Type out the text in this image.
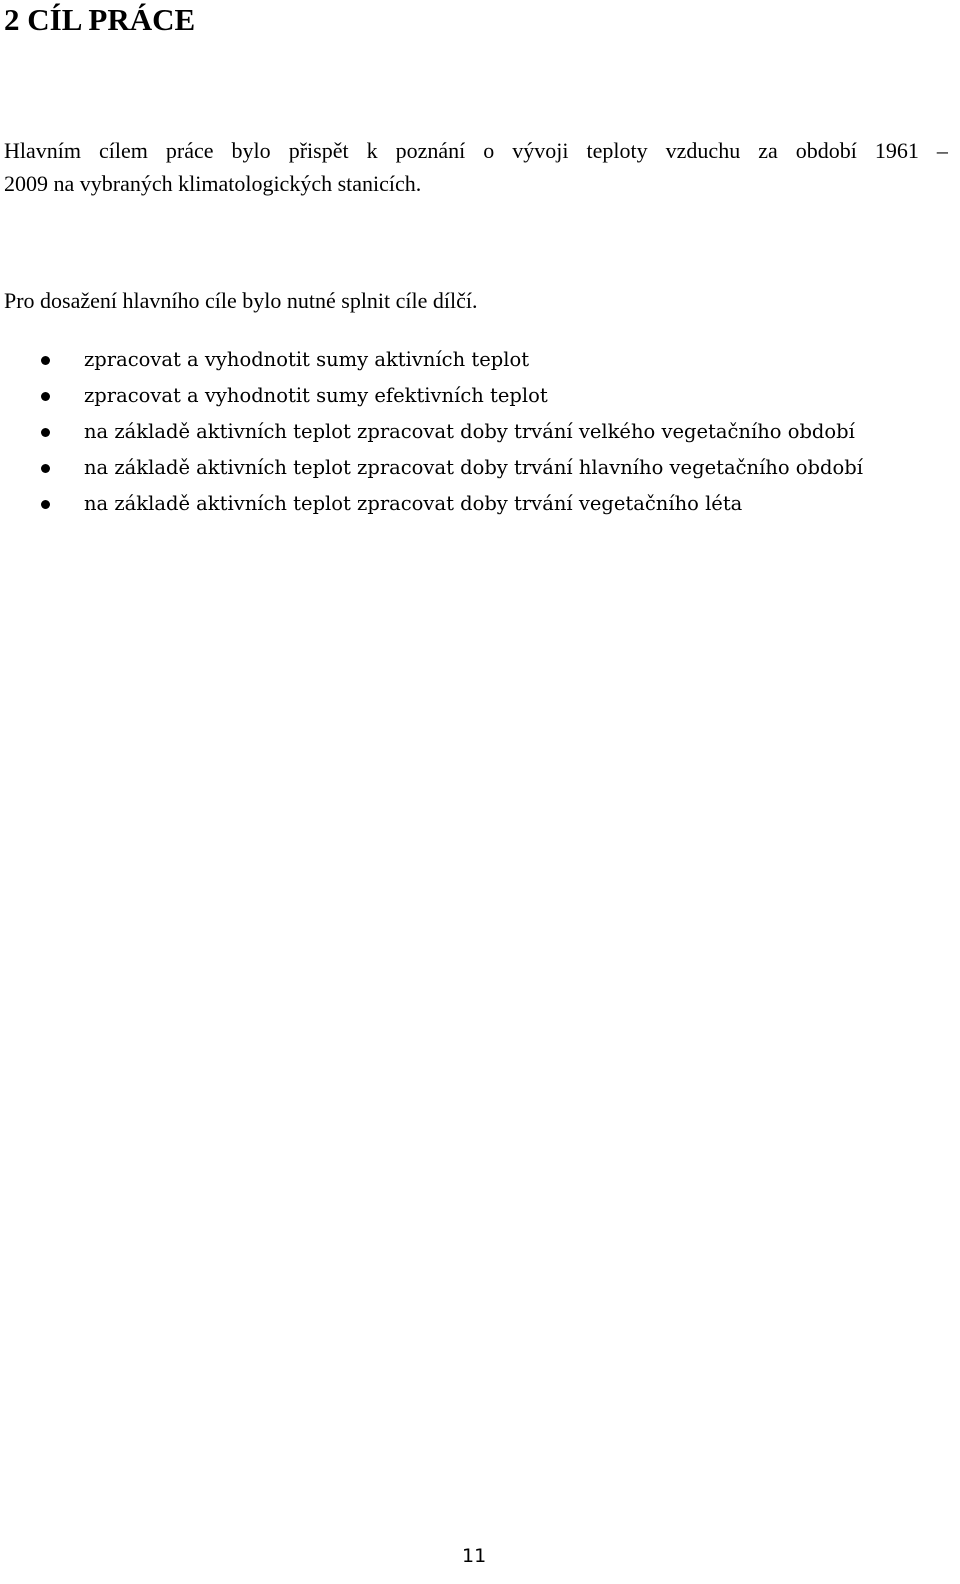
2 CÍL PRÁCE
Hlavním cílem práce bylo přispět k poznání o vývoji teploty vzduchu za období 1961 –
2009 na vybraných klimatologických stanicích.

Pro dosažení hlavního cíle bylo nutné splnit cíle dílčí.

zpracovat a vyhodnotit sumy aktivních teplot
zpracovat a vyhodnotit sumy efektivních teplot
na základě aktivních teplot zpracovat doby trvání velkého vegetačního období
na základě aktivních teplot zpracovat doby trvání hlavního vegetačního období
na základě aktivních teplot zpracovat doby trvání vegetačního léta
11
